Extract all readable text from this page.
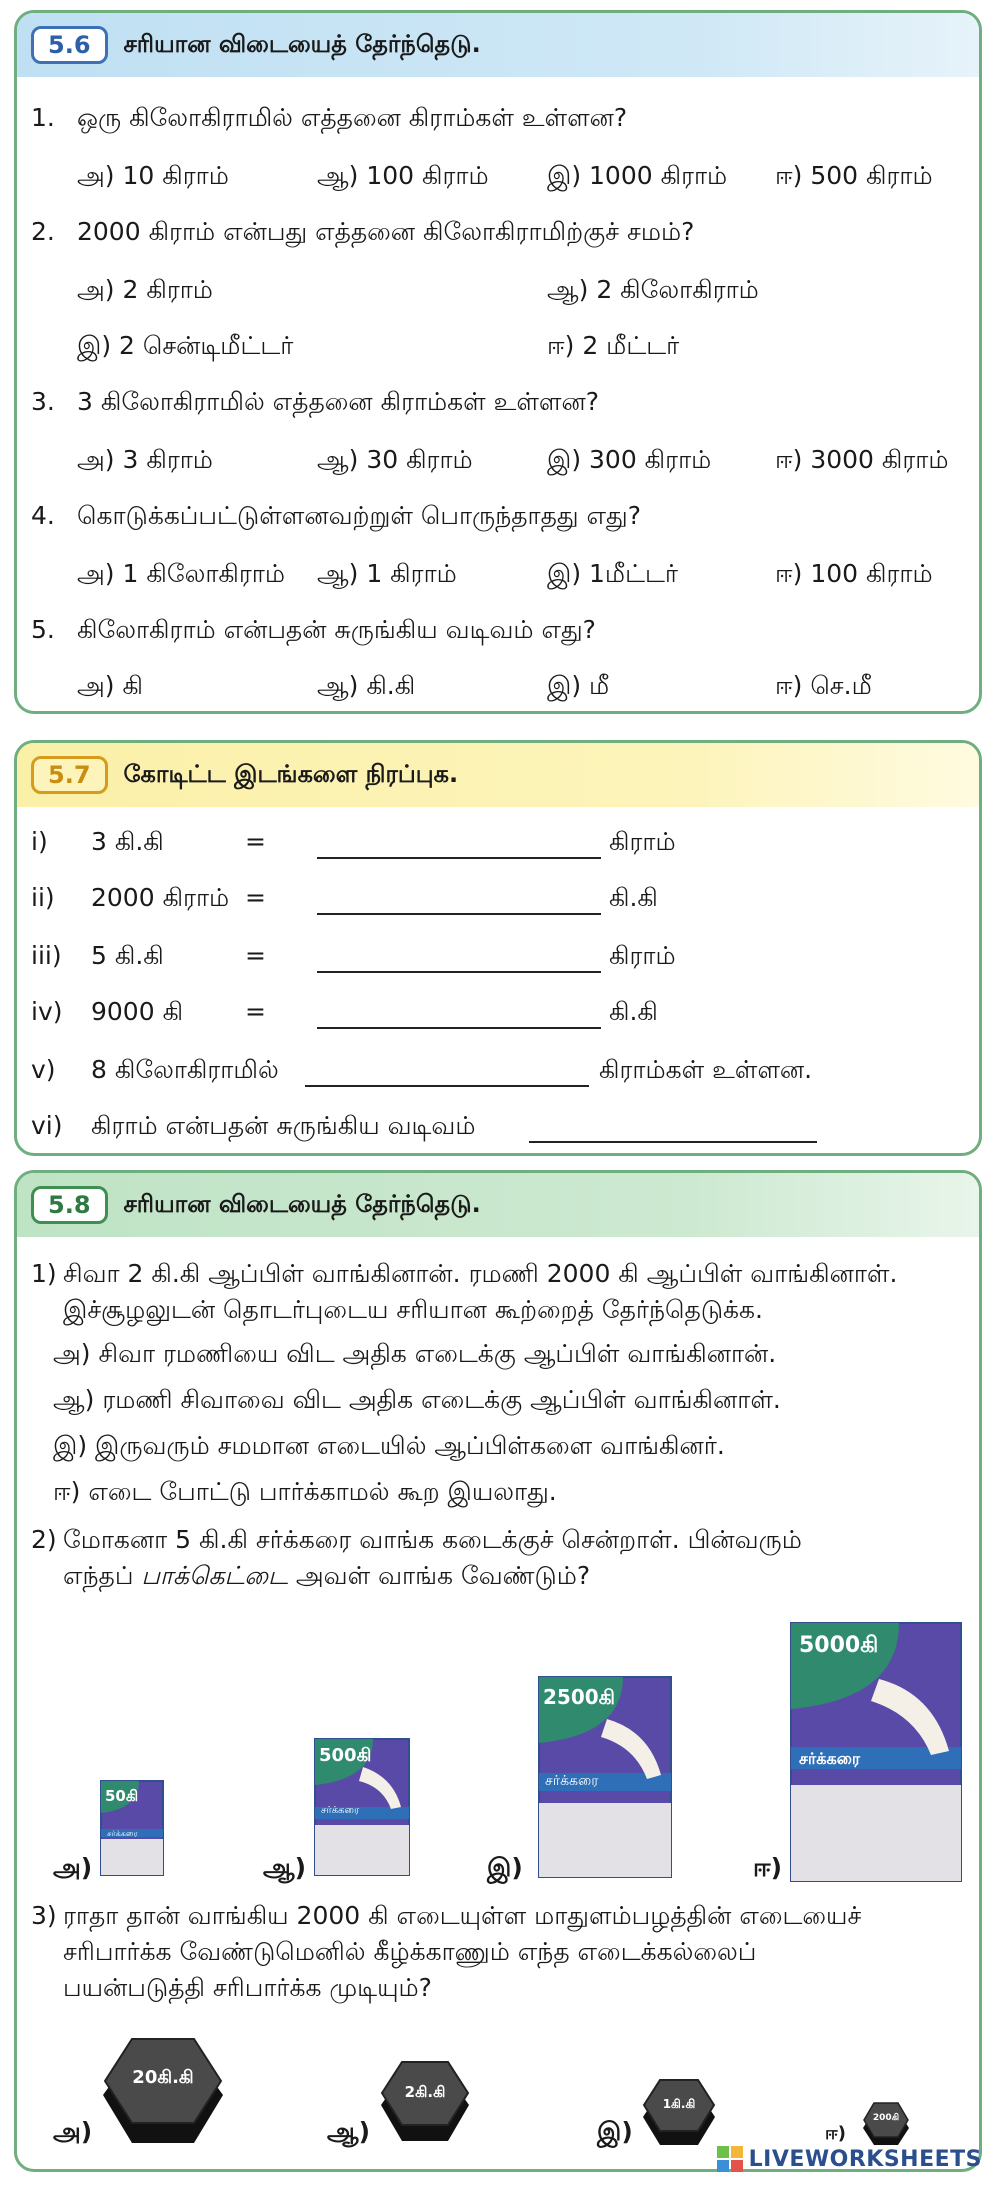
5.6	சரியான விடையைத் தேர்ந்தெடு.
1. ஒரு கிலோகிராமில் எத்தனை கிராம்கள் உள்ளன?
அ) 10 கிராம்	ஆ) 100 கிராம் இ) 1000 கிராம் ஈ) 500 கிராம்
2. 2000 கிராம் என்பது எத்தனை கிலோகிராமிற்குச் சமம்?
அ) 2 கிராம்	ஆ) 2 கிலோகிராம்
இ) 2 சென்டிமீட்டர்	ஈ) 2 மீட்டர்
3. 3 கிலோகிராமில் எத்தனை கிராம்கள் உள்ளன?
அ) 3 கிராம்	ஆ) 30 கிராம்	இ) 300 கிராம்	ஈ) 3000 கிராம்
4. கொடுக்கப்பட்டுள்ளனவற்றுள் பொருந்தாதது எது?
அ) 1 கிலோகிராம் ஆ) 1 கிராம்	இ) 1மீட்டர்	ஈ) 100 கிராம்
5. கிலோகிராம் என்பதன் சுருங்கிய வடிவம் எது?
அ) கி	ஆ) கி.கி	இ) மீ	ஈ) செ.மீ
5.7	கோடிட்ட இடங்களை நிரப்புக.
i) 3 கி.கி	=	கிராம்
ii) 2000 கிராம் =	கி.கி
iii) 5 கி.கி	=	கிராம்
iv) 9000 கி =	கி.கி
v) 8 கிலோகிராமில்	கிராம்கள் உள்ளன.
vi) கிராம் என்பதன் சுருங்கிய வடிவம்
5.8	சரியான விடையைத் தேர்ந்தெடு.
1) சிவா 2 கி.கி ஆப்பிள் வாங்கினான். ரமணி 2000 கி ஆப்பிள் வாங்கினாள்.
இச்சூழலுடன் தொடர்புடைய சரியான கூற்றைத் தேர்ந்தெடுக்க.
அ) சிவா ரமணியை விட அதிக எடைக்கு ஆப்பிள் வாங்கினான்.
ஆ) ரமணி சிவாவை விட அதிக எடைக்கு ஆப்பிள் வாங்கினாள்.
இ) இருவரும் சமமான எடையில் ஆப்பிள்களை வாங்கினர்.
ஈ) எடை போட்டு பார்க்காமல் கூற இயலாது.
2) மோகனா 5 கி.கி சர்க்கரை வாங்க கடைக்குச் சென்றாள். பின்வரும்
எந்தப் பாக்கெட்டை அவள் வாங்க வேண்டும்?
50கி
சர்க்கரை
அ)
500கி
சர்க்கரை
ஆ)
2500கி
சர்க்கரை
இ)
5000கி
சர்க்கரை
ஈ)
3) ராதா தான் வாங்கிய 2000 கி எடையுள்ள மாதுளம்பழத்தின் எடையைச்
சரிபார்க்க வேண்டுமெனில் கீழ்க்காணும் எந்த எடைக்கல்லைப்
பயன்படுத்தி சரிபார்க்க முடியும்?
அ)
20கி.கி
ஆ)
2கி.கி
இ)
1கி.கி
ஈ)
200கி
LIVEWORKSHEETS
